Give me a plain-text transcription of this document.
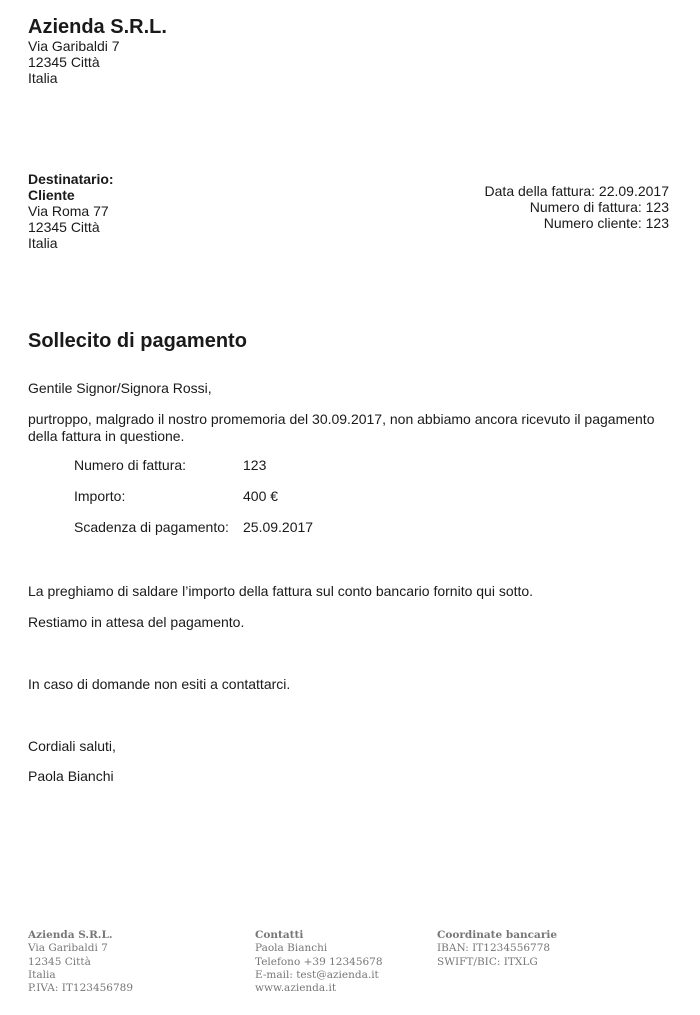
Azienda S.R.L.
Via Garibaldi 7
12345 Città
Italia
Destinatario:
Cliente
Via Roma 77
12345 Città
Italia
Data della fattura: 22.09.2017
Numero di fattura: 123
Numero cliente: 123
Sollecito di pagamento
Gentile Signor/Signora Rossi,
purtroppo, malgrado il nostro promemoria del 30.09.2017, non abbiamo ancora ricevuto il pagamento della fattura in questione.
Numero di fattura:	123
Importo:	400 €
Scadenza di pagamento:	25.09.2017
La preghiamo di saldare l’importo della fattura sul conto bancario fornito qui sotto.
Restiamo in attesa del pagamento.
In caso di domande non esiti a contattarci.
Cordiali saluti,
Paola Bianchi
Azienda S.R.L.
Via Garibaldi 7
12345 Città
Italia
P.IVA: IT123456789
Contatti
Paola Bianchi
Telefono +39 12345678
E-mail: test@azienda.it
www.azienda.it
Coordinate bancarie
IBAN: IT1234556778
SWIFT/BIC: ITXLG
